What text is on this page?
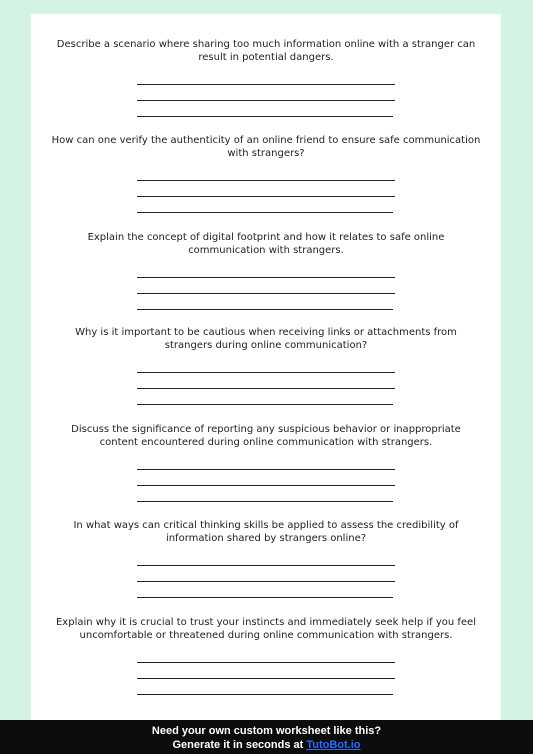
Describe a scenario where sharing too much information online with a stranger can result in potential dangers.

How can one verify the authenticity of an online friend to ensure safe communication with strangers?

Explain the concept of digital footprint and how it relates to safe online communication with strangers.

Why is it important to be cautious when receiving links or attachments from strangers during online communication?

Discuss the significance of reporting any suspicious behavior or inappropriate content encountered during online communication with strangers.

In what ways can critical thinking skills be applied to assess the credibility of information shared by strangers online?

Explain why it is crucial to trust your instincts and immediately seek help if you feel uncomfortable or threatened during online communication with strangers.

Need your own custom worksheet like this?
Generate it in seconds at TutoBot.io
